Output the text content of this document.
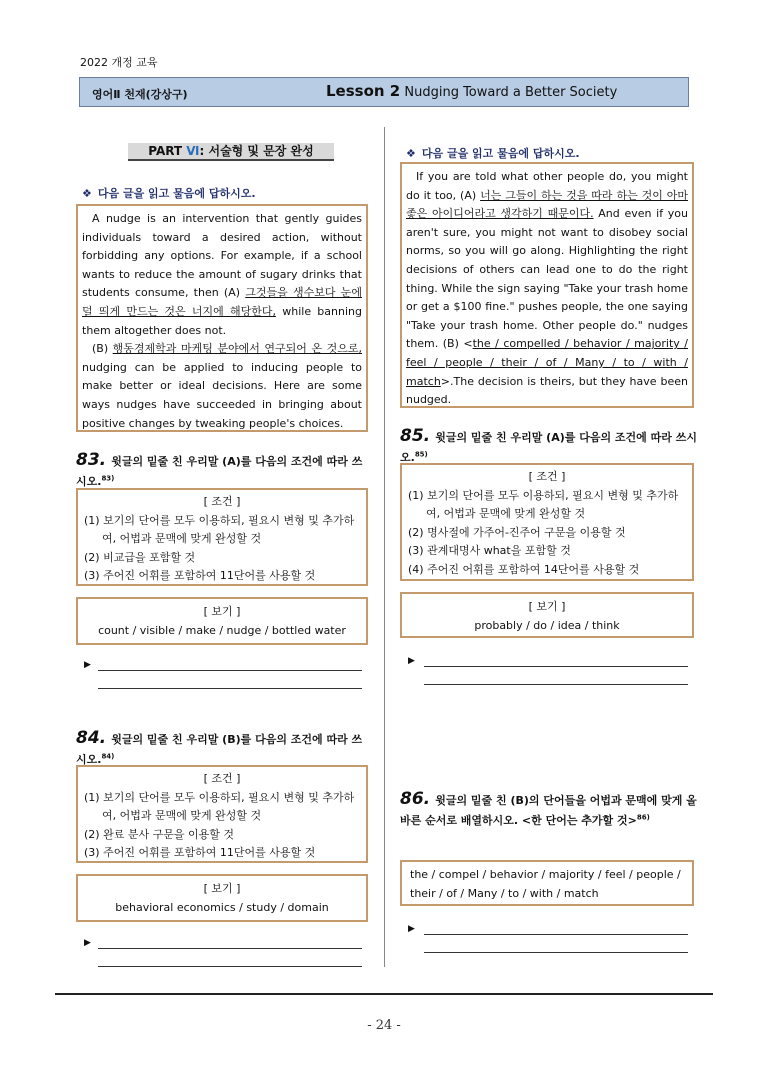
2022 개정 교육
영어Ⅱ 천재(강상구)	Lesson 2 Nudging Toward a Better Society
PART Ⅵ: 서술형 및 문장 완성
❖ 다음 글을 읽고 물음에 답하시오.
A nudge is an intervention that gently guides individuals toward a desired action, without forbidding any options. For example, if a school wants to reduce the amount of sugary drinks that students consume, then (A) 그것들을 생수보다 눈에 덜 띄게 만드는 것은 너지에 해당한다, while banning them altogether does not.
(B) 행동경제학과 마케팅 분야에서 연구되어 온 것으로, nudging can be applied to inducing people to make better or ideal decisions. Here are some ways nudges have succeeded in bringing about positive changes by tweaking people's choices.
83. 윗글의 밑줄 친 우리말 (A)를 다음의 조건에 따라 쓰시오.$^{83)}$
[ 조건 ]
(1) 보기의 단어를 모두 이용하되, 필요시 변형 및 추가하여, 어법과 문맥에 맞게 완성할 것
(2) 비교급을 포함할 것
(3) 주어진 어휘를 포함하여 11단어를 사용할 것
[ 보기 ]
count / visible / make / nudge / bottled water
▶
84. 윗글의 밑줄 친 우리말 (B)를 다음의 조건에 따라 쓰시오.$^{84)}$
[ 조건 ]
(1) 보기의 단어를 모두 이용하되, 필요시 변형 및 추가하여, 어법과 문맥에 맞게 완성할 것
(2) 완료 분사 구문을 이용할 것
(3) 주어진 어휘를 포함하여 11단어를 사용할 것
[ 보기 ]
behavioral economics / study / domain
▶
❖ 다음 글을 읽고 물음에 답하시오.
If you are told what other people do, you might do it too, (A) 너는 그들이 하는 것을 따라 하는 것이 아마 좋은 아이디어라고 생각하기 때문이다. And even if you aren't sure, you might not want to disobey social norms, so you will go along. Highlighting the right decisions of others can lead one to do the right thing. While the sign saying "Take your trash home or get a $100 fine." pushes people, the one saying "Take your trash home. Other people do." nudges them. (B) <the / compelled / behavior / majority / feel / people / their / of / Many / to / with / match>.The decision is theirs, but they have been nudged.
85. 윗글의 밑줄 친 우리말 (A)를 다음의 조건에 따라 쓰시오.$^{85)}$
[ 조건 ]
(1) 보기의 단어를 모두 이용하되, 필요시 변형 및 추가하여, 어법과 문맥에 맞게 완성할 것
(2) 명사절에 가주어-진주어 구문을 이용할 것
(3) 관계대명사 what을 포함할 것
(4) 주어진 어휘를 포함하여 14단어를 사용할 것
[ 보기 ]
probably / do / idea / think
▶
86. 윗글의 밑줄 친 (B)의 단어들을 어법과 문맥에 맞게 올바른 순서로 배열하시오. <한 단어는 추가할 것>$^{86)}$
the / compel / behavior / majority / feel / people / their / of / Many / to / with / match
▶
- 24 -
